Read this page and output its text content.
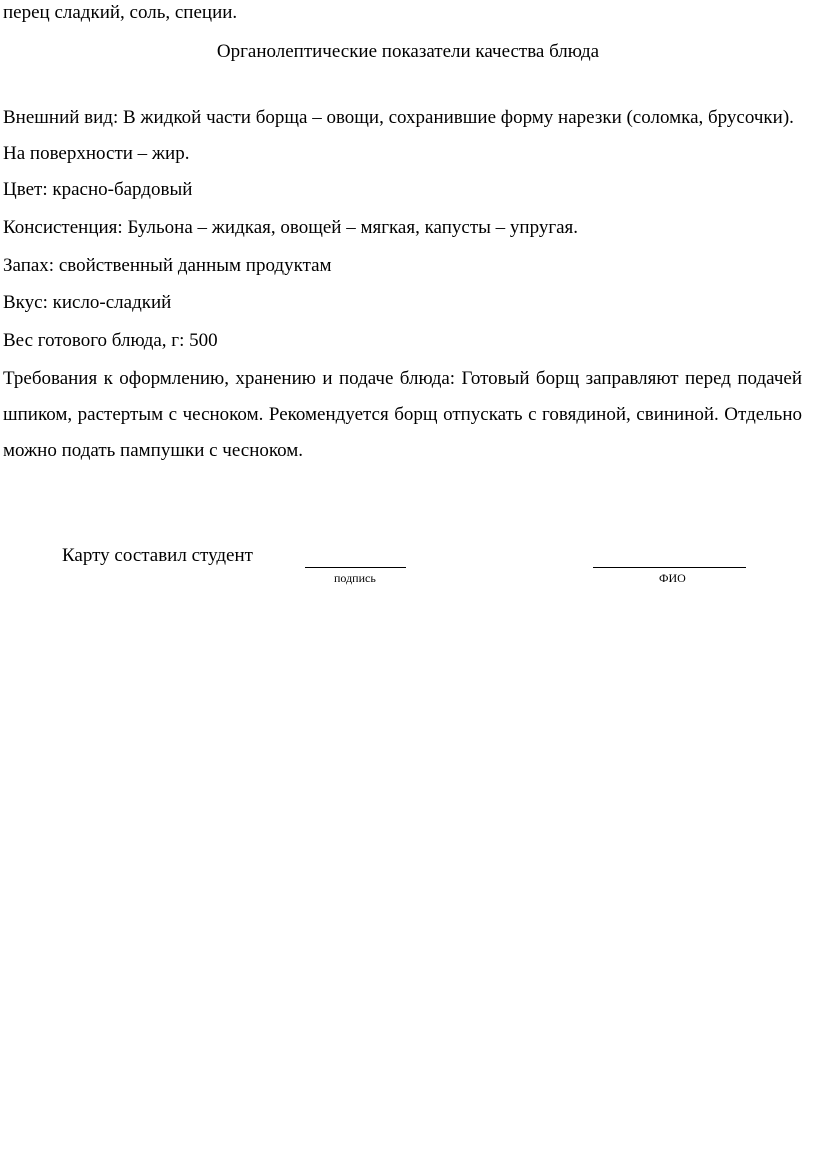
перец сладкий, соль, специи.
Органолептические показатели качества блюда
Внешний вид: В жидкой части борща – овощи, сохранившие форму нарезки (соломка, брусочки). На поверхности – жир.
Цвет: красно-бардовый
Консистенция: Бульона – жидкая, овощей – мягкая, капусты – упругая.
Запах: свойственный данным продуктам
Вкус: кисло-сладкий
Вес готового блюда, г: 500
Требования к оформлению, хранению и подаче блюда: Готовый борщ заправляют перед подачей шпиком, растертым с чесноком. Рекомендуется борщ отпускать с говядиной, свининой. Отдельно можно подать пампушки с чесноком.
Карту составил студент
подпись	ФИО
